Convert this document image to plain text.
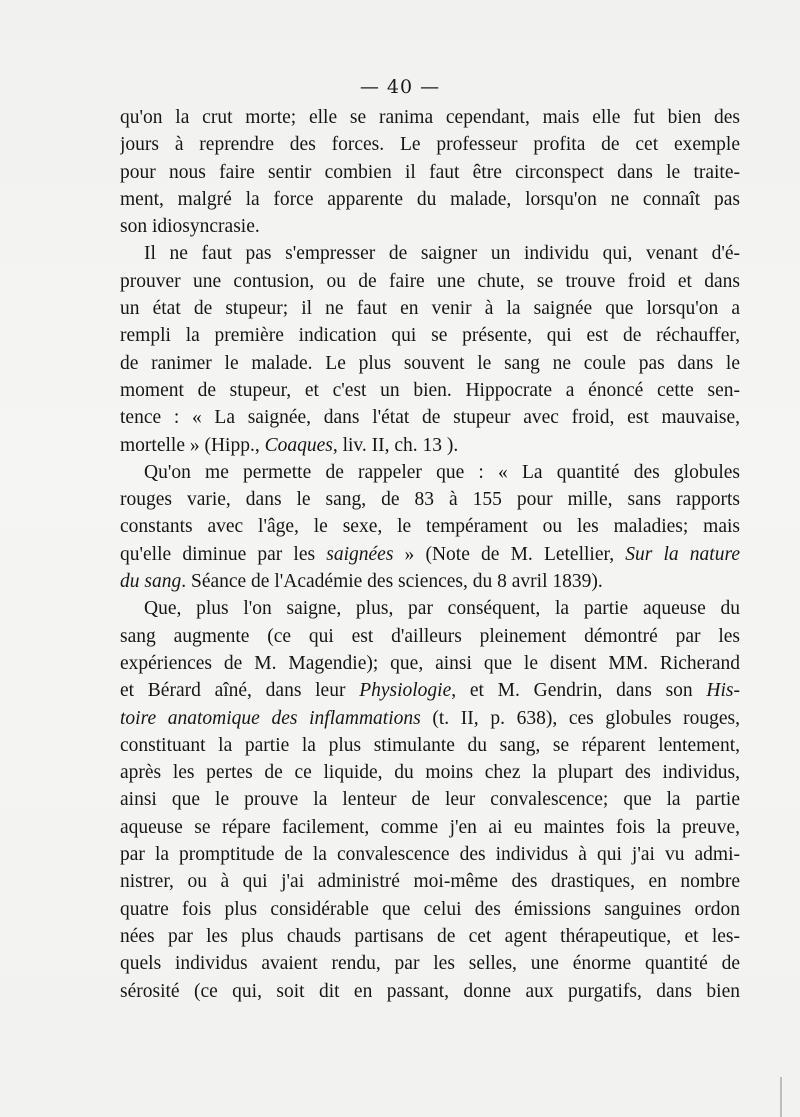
— 40 —
qu'on la crut morte; elle se ranima cependant, mais elle fut bien des
jours à reprendre des forces. Le professeur profita de cet exemple
pour nous faire sentir combien il faut être circonspect dans le traite-
ment, malgré la force apparente du malade, lorsqu'on ne connaît pas
son idiosyncrasie.
Il ne faut pas s'empresser de saigner un individu qui, venant d'é-
prouver une contusion, ou de faire une chute, se trouve froid et dans
un état de stupeur; il ne faut en venir à la saignée que lorsqu'on a
rempli la première indication qui se présente, qui est de réchauffer,
de ranimer le malade. Le plus souvent le sang ne coule pas dans le
moment de stupeur, et c'est un bien. Hippocrate a énoncé cette sen-
tence : « La saignée, dans l'état de stupeur avec froid, est mauvaise,
mortelle » (Hipp., Coaques, liv. II, ch. 13 ).
Qu'on me permette de rappeler que : « La quantité des globules
rouges varie, dans le sang, de 83 à 155 pour mille, sans rapports
constants avec l'âge, le sexe, le tempérament ou les maladies; mais
qu'elle diminue par les saignées » (Note de M. Letellier, Sur la nature
du sang. Séance de l'Académie des sciences, du 8 avril 1839).
Que, plus l'on saigne, plus, par conséquent, la partie aqueuse du
sang augmente (ce qui est d'ailleurs pleinement démontré par les
expériences de M. Magendie); que, ainsi que le disent MM. Richerand
et Bérard aîné, dans leur Physiologie, et M. Gendrin, dans son His-
toire anatomique des inflammations (t. II, p. 638), ces globules rouges,
constituant la partie la plus stimulante du sang, se réparent lentement,
après les pertes de ce liquide, du moins chez la plupart des individus,
ainsi que le prouve la lenteur de leur convalescence; que la partie
aqueuse se répare facilement, comme j'en ai eu maintes fois la preuve,
par la promptitude de la convalescence des individus à qui j'ai vu admi-
nistrer, ou à qui j'ai administré moi-même des drastiques, en nombre
quatre fois plus considérable que celui des émissions sanguines ordon
nées par les plus chauds partisans de cet agent thérapeutique, et les-
quels individus avaient rendu, par les selles, une énorme quantité de
sérosité (ce qui, soit dit en passant, donne aux purgatifs, dans bien
